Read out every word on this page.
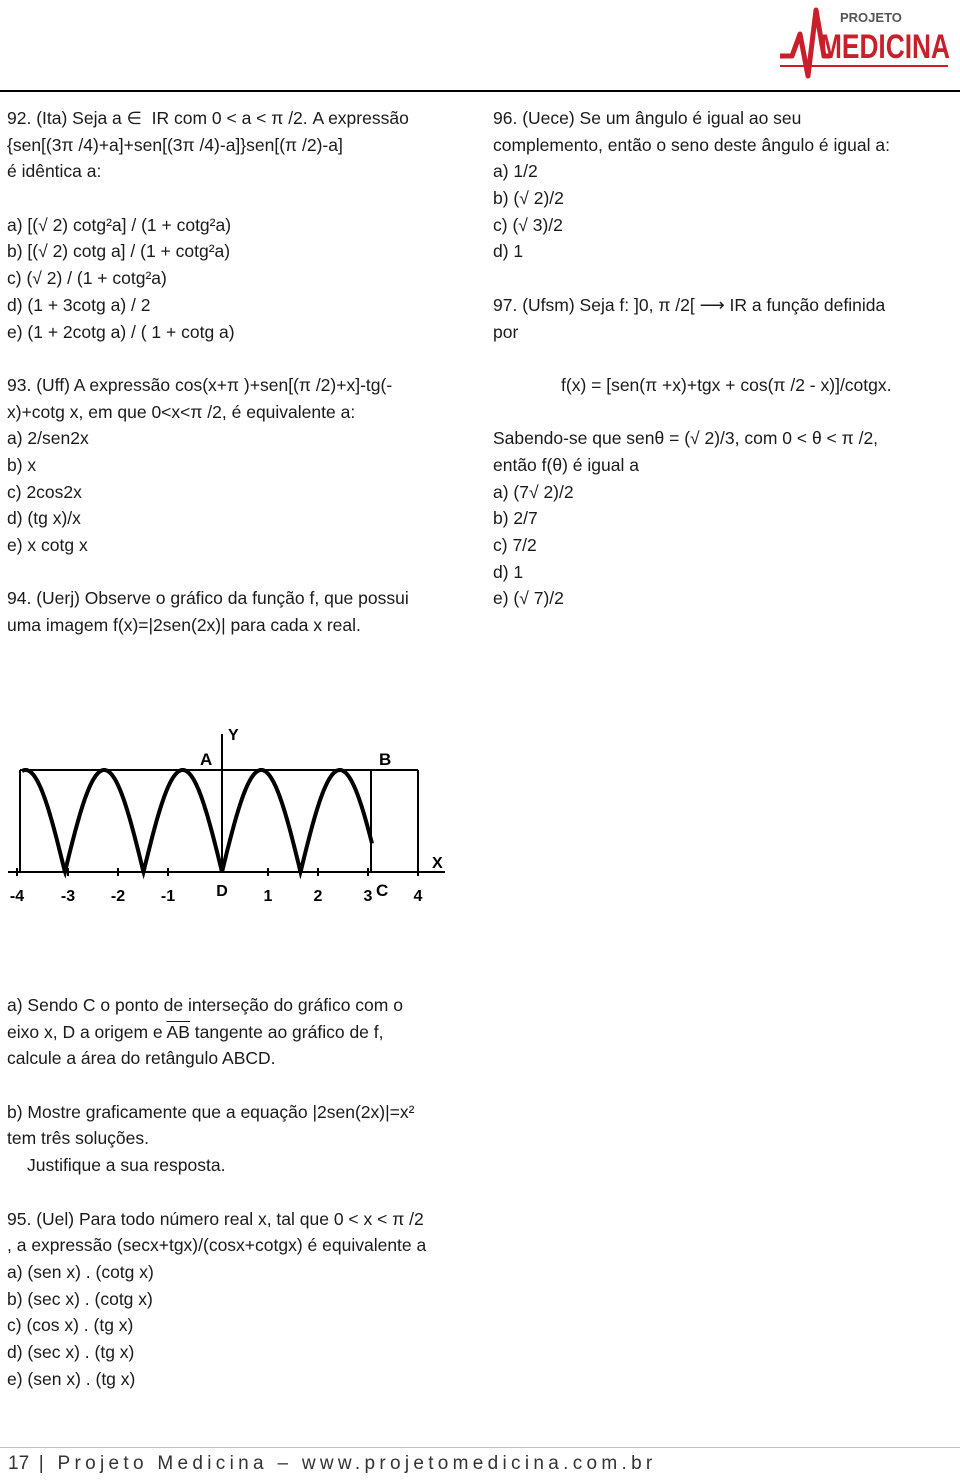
PROJETO
MEDICINA
92. (Ita) Seja a ∈  IR com 0 < a < π /2. A expressão
{sen[(3π /4)+a]+sen[(3π /4)-a]}sen[(π /2)-a]
é idêntica a:
a) [(√ 2) cotg²a] / (1 + cotg²a)
b) [(√ 2) cotg a] / (1 + cotg²a)
c) (√ 2) / (1 + cotg²a)
d) (1 + 3cotg a) / 2
e) (1 + 2cotg a) / ( 1 + cotg a)
93. (Uff) A expressão cos(x+π )+sen[(π /2)+x]-tg(-
x)+cotg x, em que 0<x<π /2, é equivalente a:
a) 2/sen2x
b) x
c) 2cos2x
d) (tg x)/x
e) x cotg x
94. (Uerj) Observe o gráfico da função f, que possui
uma imagem f(x)=|2sen(2x)| para cada x real.
Y
X
A	B
C
-4 -3 -2 -1	D 1	2	3	4
a) Sendo C o ponto de interseção do gráfico com o
eixo x, D a origem e $\overline{AB}$ tangente ao gráfico de f,
calcule a área do retângulo ABCD.
b) Mostre graficamente que a equação |2sen(2x)|=x²
tem três soluções.
Justifique a sua resposta.
95. (Uel) Para todo número real x, tal que 0 < x < π /2
, a expressão (secx+tgx)/(cosx+cotgx) é equivalente a
a) (sen x) . (cotg x)
b) (sec x) . (cotg x)
c) (cos x) . (tg x)
d) (sec x) . (tg x)
e) (sen x) . (tg x)
96. (Uece) Se um ângulo é igual ao seu
complemento, então o seno deste ângulo é igual a:
a) 1/2
b) (√ 2)/2
c) (√ 3)/2
d) 1
97. (Ufsm) Seja f: ]0, π /2[ ⟶ IR a função definida
por
f(x) = [sen(π +x)+tgx + cos(π /2 - x)]/cotgx.
Sabendo-se que senθ = (√ 2)/3, com 0 < θ < π /2,
então f(θ) é igual a
a) (7√ 2)/2
b) 2/7
c) 7/2
d) 1
e) (√ 7)/2
17 | Projeto Medicina – www.projetomedicina.com.br
